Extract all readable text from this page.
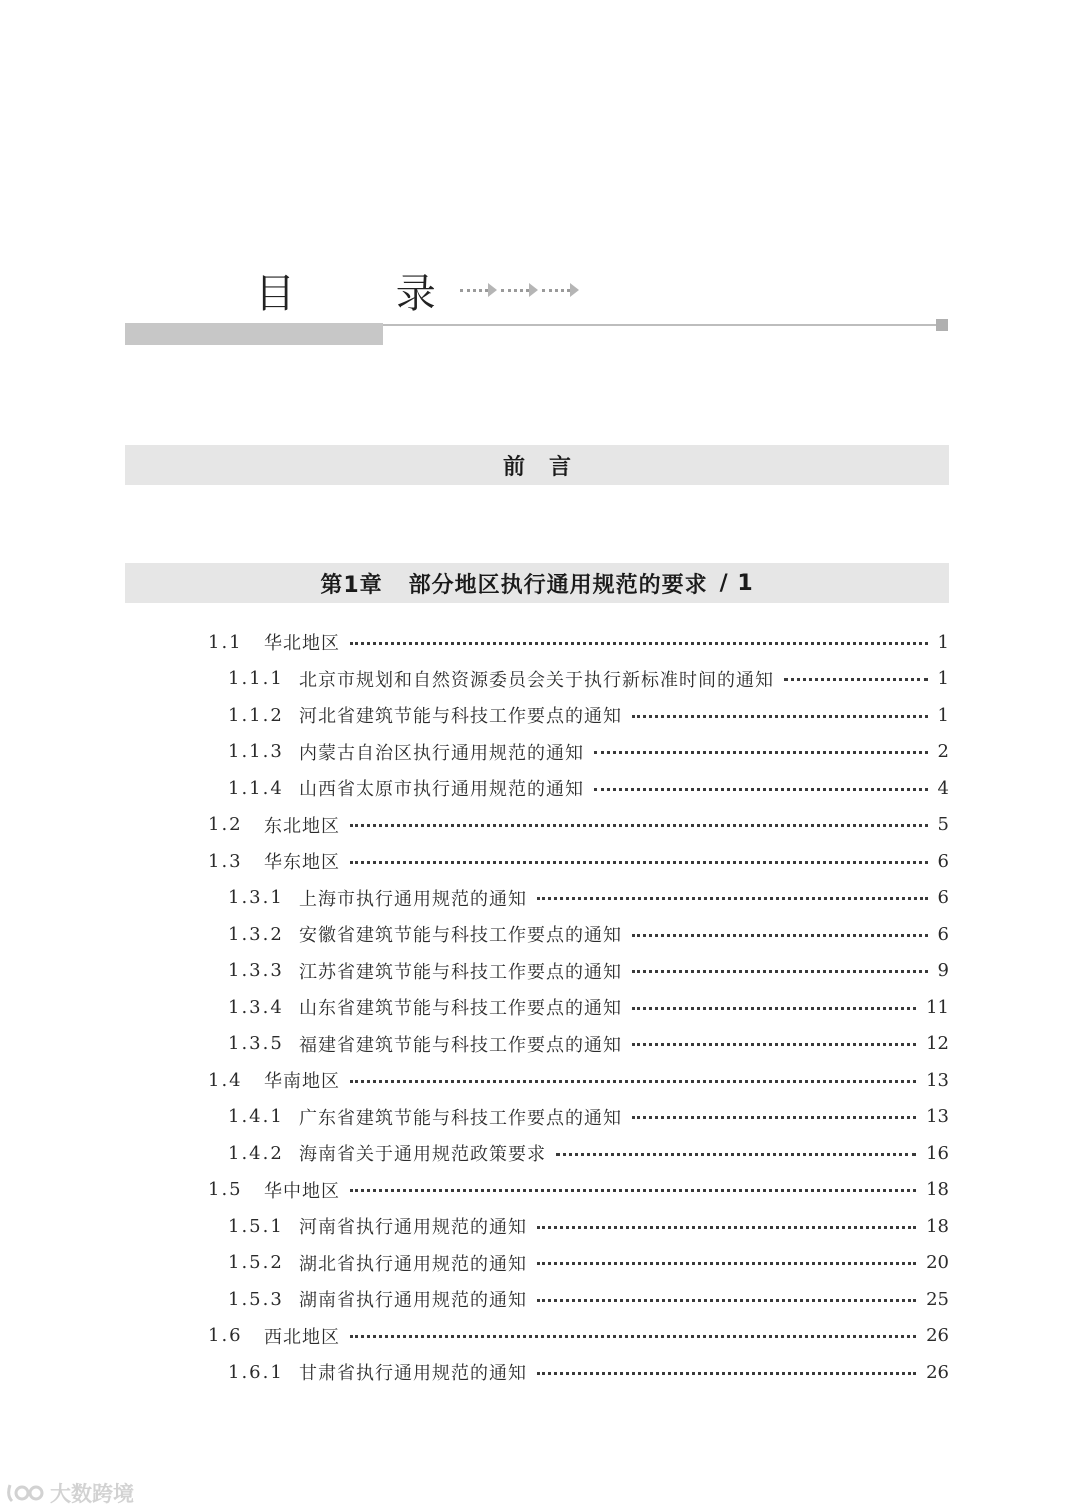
目 录
前言
第1章 部分地区执行通用规范的要求 / 1
1.1	华北地区	1
1.1.1 北京市规划和自然资源委员会关于执行新标准时间的通知	1
1.1.2 河北省建筑节能与科技工作要点的通知	1
1.1.3 内蒙古自治区执行通用规范的通知	2
1.1.4 山西省太原市执行通用规范的通知	4
1.2	东北地区	5
1.3	华东地区	6
1.3.1 上海市执行通用规范的通知	6
1.3.2 安徽省建筑节能与科技工作要点的通知	6
1.3.3 江苏省建筑节能与科技工作要点的通知	9
1.3.4 山东省建筑节能与科技工作要点的通知	11
1.3.5 福建省建筑节能与科技工作要点的通知	12
1.4	华南地区	13
1.4.1 广东省建筑节能与科技工作要点的通知	13
1.4.2 海南省关于通用规范政策要求	16
1.5	华中地区	18
1.5.1 河南省执行通用规范的通知	18
1.5.2 湖北省执行通用规范的通知	20
1.5.3 湖南省执行通用规范的通知	25
1.6	西北地区	26
1.6.1 甘肃省执行通用规范的通知	26
大数跨境
